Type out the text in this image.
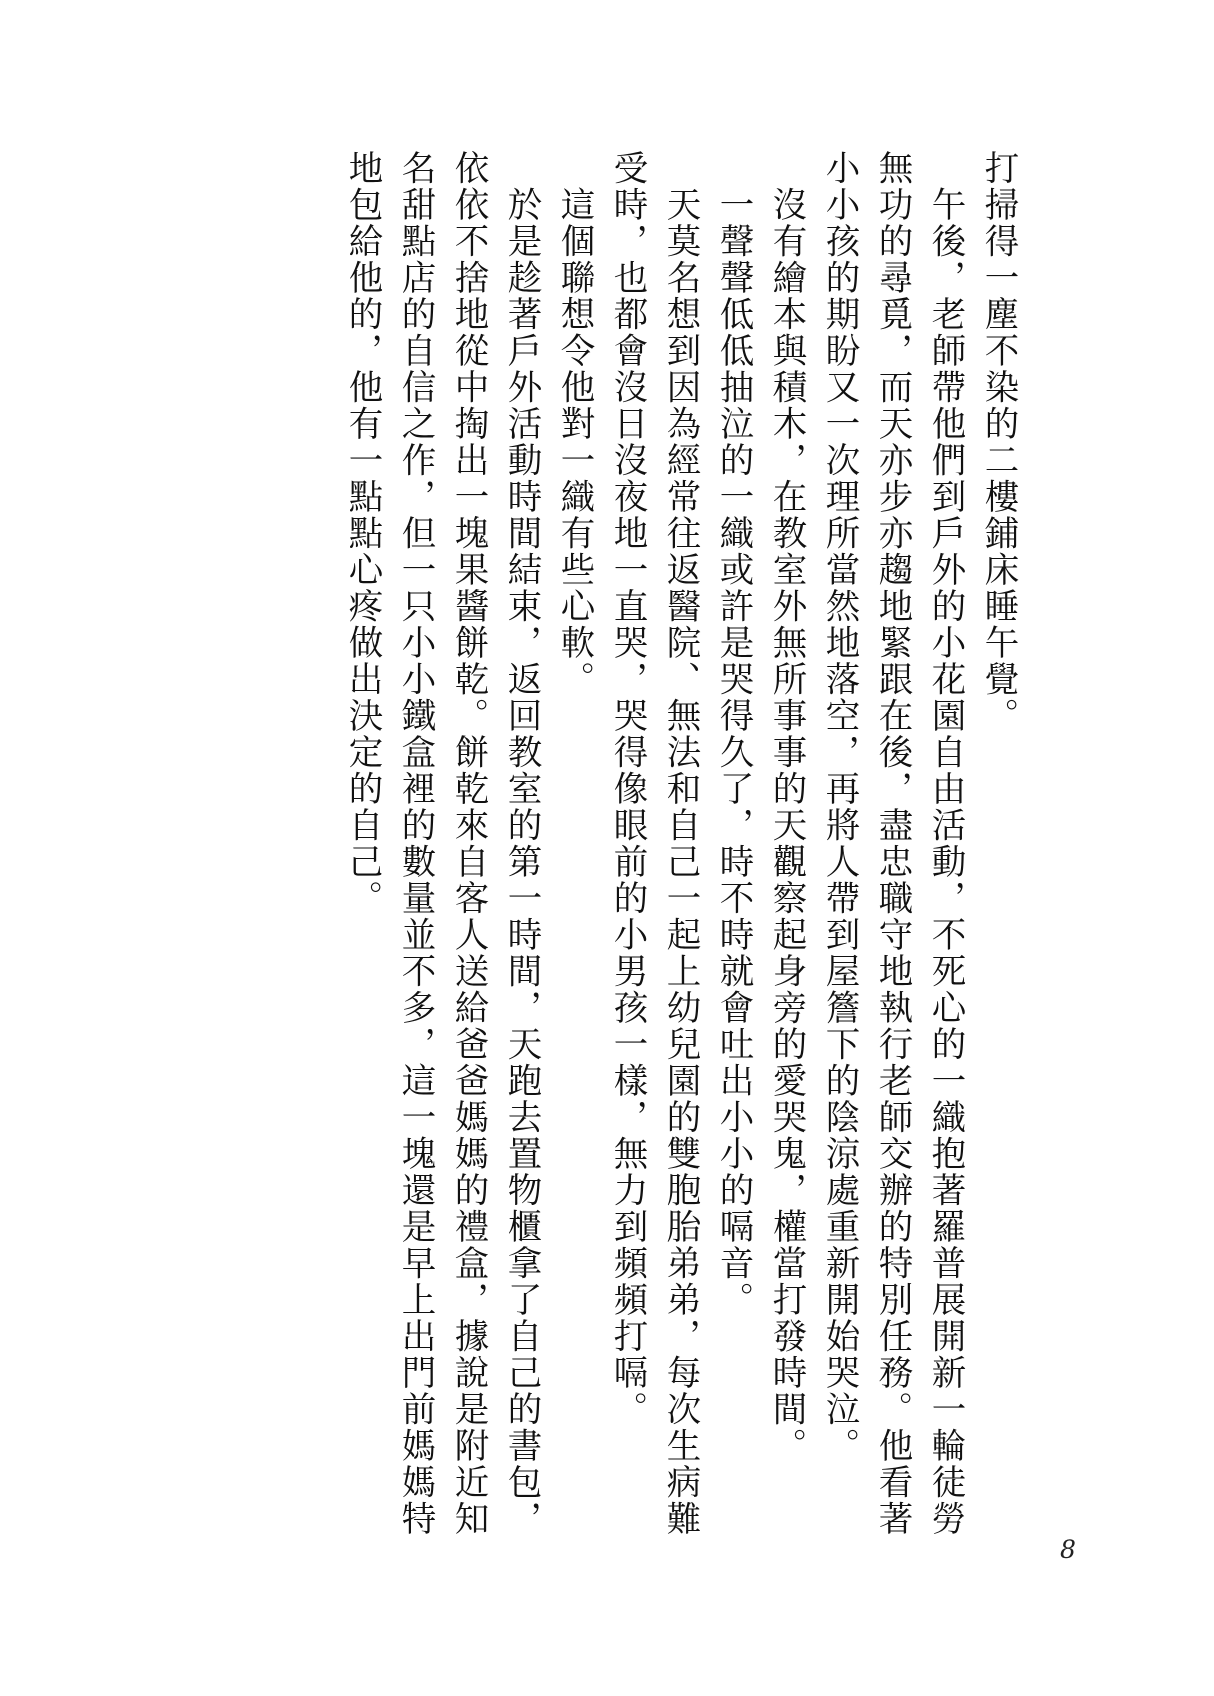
打掃得一塵不染的二樓鋪床睡午覺。

　午後，老師帶他們到戶外的小花園自由活動，不死心的一織抱著羅普展開新一輪徒勞無功的尋覓，而天亦步亦趨地緊跟在後，盡忠職守地執行老師交辦的特別任務。他看著小小孩的期盼又一次理所當然地落空，再將人帶到屋簷下的陰涼處重新開始哭泣。

　沒有繪本與積木，在教室外無所事事的天觀察起身旁的愛哭鬼，權當打發時間。

　一聲聲低低抽泣的一織或許是哭得久了，時不時就會吐出小小的嗝音。

　天莫名想到因為經常往返醫院、無法和自己一起上幼兒園的雙胞胎弟弟，每次生病難受時，也都會沒日沒夜地一直哭，哭得像眼前的小男孩一樣，無力到頻頻打嗝。

　這個聯想令他對一織有些心軟。

　於是趁著戶外活動時間結束，返回教室的第一時間，天跑去置物櫃拿了自己的書包，依依不捨地從中掏出一塊果醬餅乾。餅乾來自客人送給爸爸媽媽的禮盒，據說是附近知名甜點店的自信之作，但一只小小鐵盒裡的數量並不多，這一塊還是早上出門前媽媽特地包給他的，他有一點點心疼做出決定的自己。

8
